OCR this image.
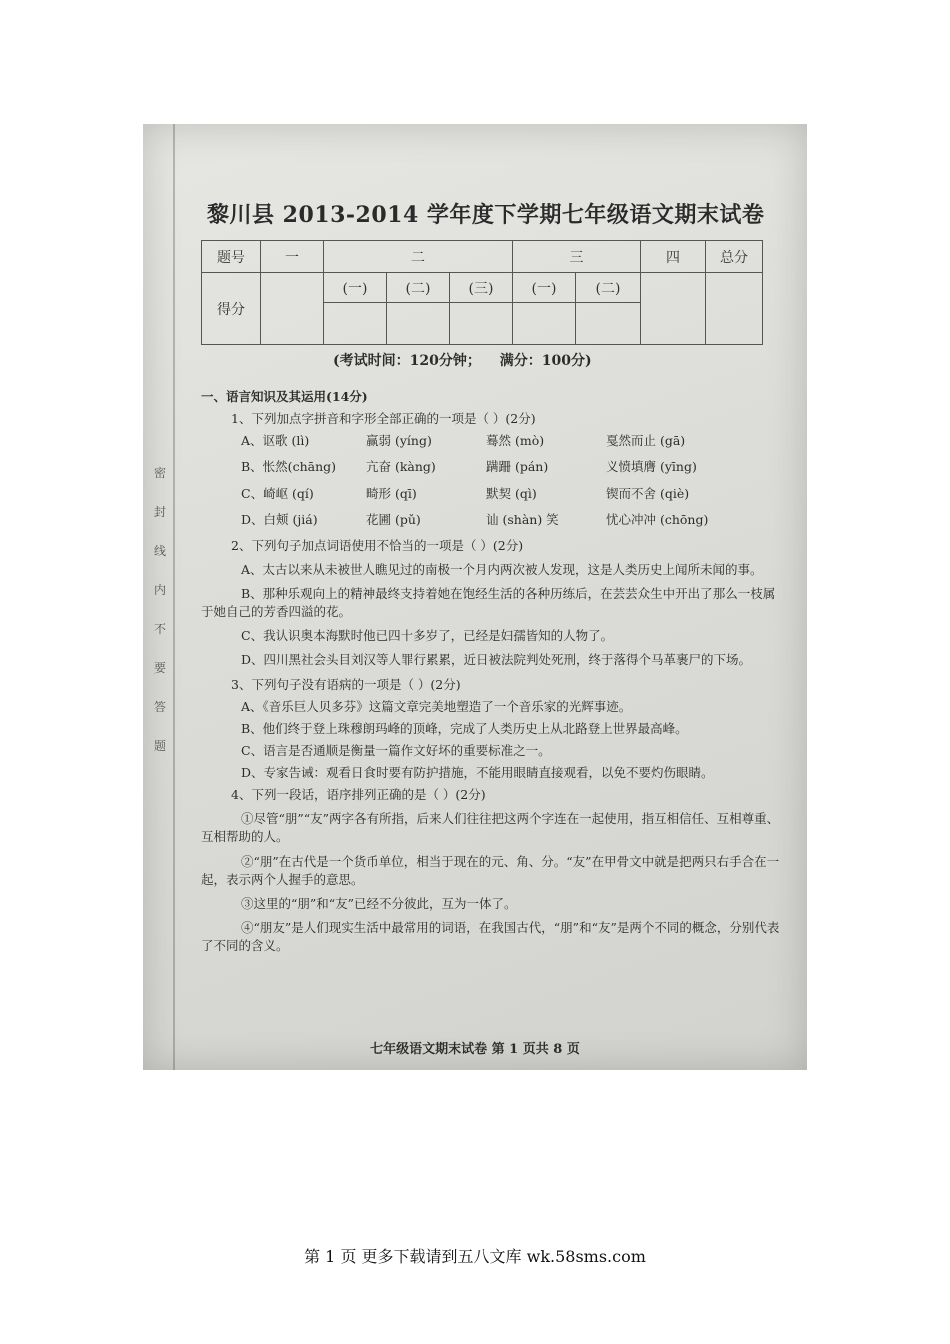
密
封
线
内
不
要
答
题
黎川县 2013-2014 学年度下学期七年级语文期末试卷
题号	一	二			三		四	总分
得分		(一)	(二)	(三)	(一)	(二)		

(考试时间：120分钟； 满分：100分)
一、语言知识及其运用(14分)
1、下列加点字拼音和字形全部正确的一项是（ ）(2分)
A、讴歌 (lì)	赢弱 (yíng)	蓦然 (mò)	戛然而止 (gā)
B、怅然(chāng)	亢奋 (kàng)	蹒跚 (pán)	义愤填膺 (yīng)
C、崎岖 (qí)	畸形 (qī)	默契 (qì)	锲而不舍 (qiè)
D、白颊 (jiá)	花圃 (pǔ)	讪 (shàn) 笑	忧心冲冲 (chōng)
2、下列句子加点词语使用不恰当的一项是（ ）(2分)
A、太古以来从未被世人瞧见过的南极一个月内两次被人发现，这是人类历史上闻所未闻的事。
B、那种乐观向上的精神最终支持着她在饱经生活的各种历练后，在芸芸众生中开出了那么一枝属于她自己的芳香四溢的花。
C、我认识奥本海默时他已四十多岁了，已经是妇孺皆知的人物了。
D、四川黑社会头目刘汉等人罪行累累，近日被法院判处死刑，终于落得个马革裹尸的下场。
3、下列句子没有语病的一项是（ ）(2分)
A、《音乐巨人贝多芬》这篇文章完美地塑造了一个音乐家的光辉事迹。
B、他们终于登上珠穆朗玛峰的顶峰，完成了人类历史上从北路登上世界最高峰。
C、语言是否通顺是衡量一篇作文好坏的重要标准之一。
D、专家告诫：观看日食时要有防护措施，不能用眼睛直接观看，以免不要灼伤眼睛。
4、下列一段话，语序排列正确的是（ ）(2分)
①尽管“朋”“友”两字各有所指，后来人们往往把这两个字连在一起使用，指互相信任、互相尊重、互相帮助的人。
②“朋”在古代是一个货币单位，相当于现在的元、角、分。“友”在甲骨文中就是把两只右手合在一起，表示两个人握手的意思。
③这里的“朋”和“友”已经不分彼此，互为一体了。
④“朋友”是人们现实生活中最常用的词语，在我国古代，“朋”和“友”是两个不同的概念，分别代表了不同的含义。
七年级语文期末试卷 第 1 页共 8 页
第 1 页 更多下载请到五八文库 wk.58sms.com
